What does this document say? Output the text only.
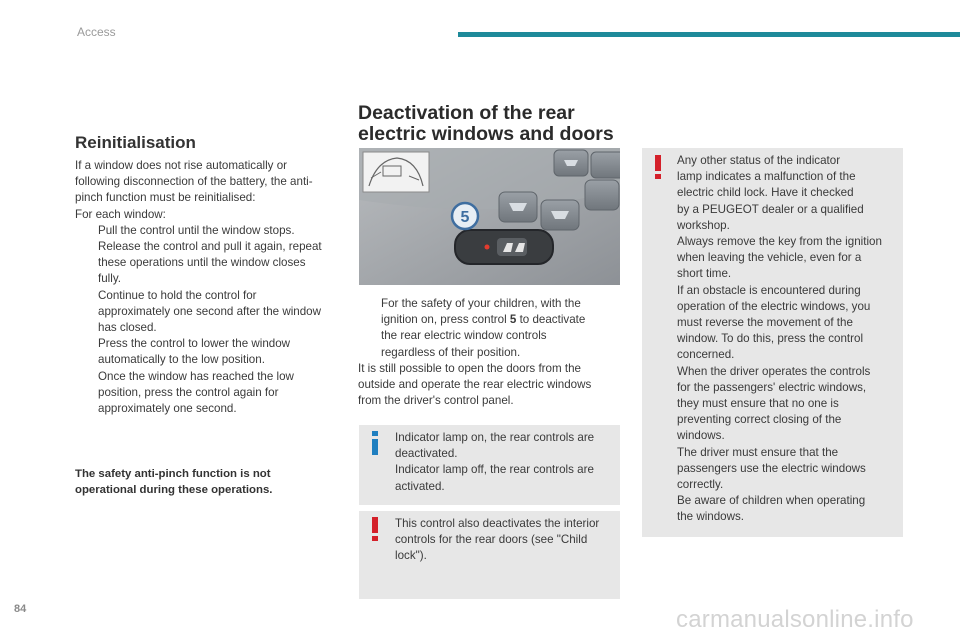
Access
Reinitialisation
If a window does not rise automatically or
following disconnection of the battery, the anti-
pinch function must be reinitialised:
For each window:
Pull the control until the window stops.
Release the control and pull it again, repeat
these operations until the window closes
fully.
Continue to hold the control for
approximately one second after the window
has closed.
Press the control to lower the window
automatically to the low position.
Once the window has reached the low
position, press the control again for
approximately one second.
The safety anti-pinch function is not
operational during these operations.
Deactivation of the rear
electric windows and doors
5
For the safety of your children, with the
ignition on, press control 5 to deactivate
the rear electric window controls
regardless of their position.
It is still possible to open the doors from the
outside and operate the rear electric windows
from the driver's control panel.
Indicator lamp on, the rear controls are
deactivated.
Indicator lamp off, the rear controls are
activated.
This control also deactivates the interior
controls for the rear doors (see "Child
lock").
Any other status of the indicator
lamp indicates a malfunction of the
electric child lock. Have it checked
by a PEUGEOT dealer or a qualified
workshop.
Always remove the key from the ignition
when leaving the vehicle, even for a
short time.
If an obstacle is encountered during
operation of the electric windows, you
must reverse the movement of the
window. To do this, press the control
concerned.
When the driver operates the controls
for the passengers' electric windows,
they must ensure that no one is
preventing correct closing of the
windows.
The driver must ensure that the
passengers use the electric windows
correctly.
Be aware of children when operating
the windows.
84	carmanualsonline.info
